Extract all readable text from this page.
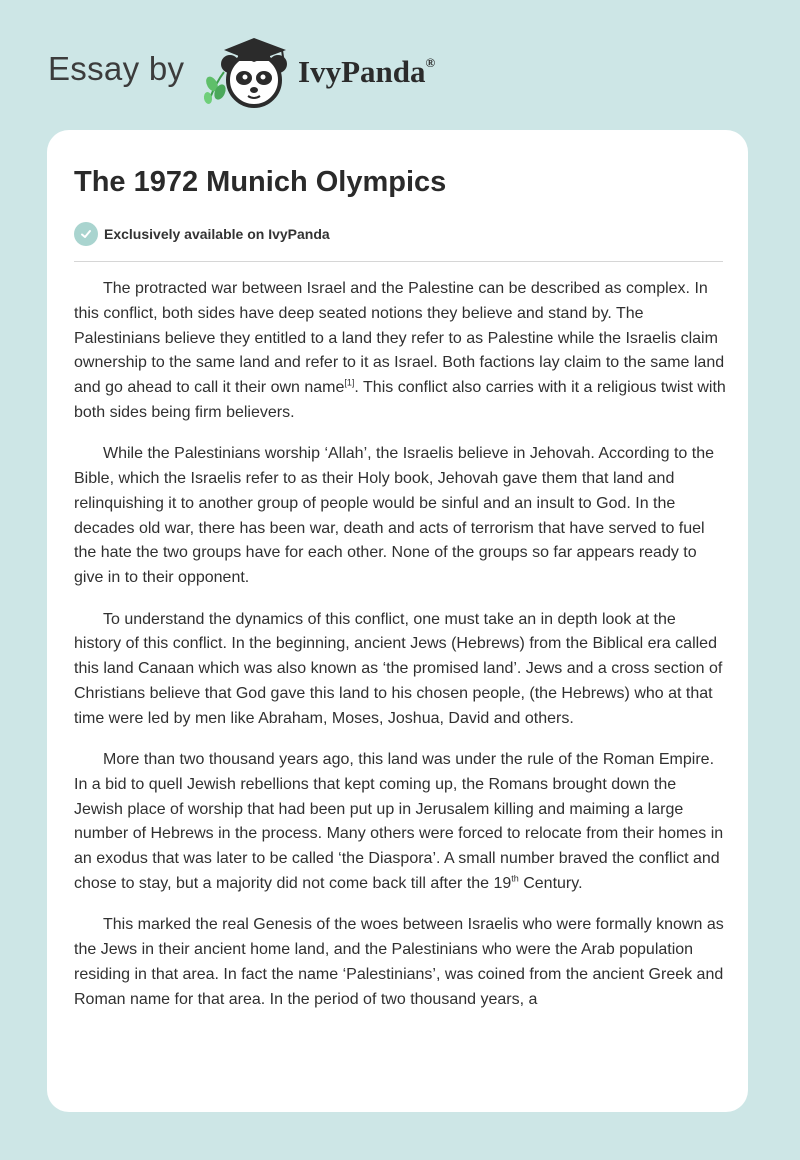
Essay by	IvyPanda®
The 1972 Munich Olympics
Exclusively available on IvyPanda

The protracted war between Israel and the Palestine can be described as complex. In this conflict, both sides have deep seated notions they believe and stand by. The Palestinians believe they entitled to a land they refer to as Palestine while the Israelis claim ownership to the same land and refer to it as Israel. Both factions lay claim to the same land and go ahead to call it their own name[1]. This conflict also carries with it a religious twist with both sides being firm believers.

While the Palestinians worship ‘Allah’, the Israelis believe in Jehovah. According to the Bible, which the Israelis refer to as their Holy book, Jehovah gave them that land and relinquishing it to another group of people would be sinful and an insult to God. In the decades old war, there has been war, death and acts of terrorism that have served to fuel the hate the two groups have for each other. None of the groups so far appears ready to give in to their opponent.

To understand the dynamics of this conflict, one must take an in depth look at the history of this conflict. In the beginning, ancient Jews (Hebrews) from the Biblical era called this land Canaan which was also known as ‘the promised land’. Jews and a cross section of Christians believe that God gave this land to his chosen people, (the Hebrews) who at that time were led by men like Abraham, Moses, Joshua, David and others.

More than two thousand years ago, this land was under the rule of the Roman Empire. In a bid to quell Jewish rebellions that kept coming up, the Romans brought down the Jewish place of worship that had been put up in Jerusalem killing and maiming a large number of Hebrews in the process. Many others were forced to relocate from their homes in an exodus that was later to be called ‘the Diaspora’. A small number braved the conflict and chose to stay, but a majority did not come back till after the 19th Century.

This marked the real Genesis of the woes between Israelis who were formally known as the Jews in their ancient home land, and the Palestinians who were the Arab population residing in that area. In fact the name ‘Palestinians’, was coined from the ancient Greek and Roman name for that area. In the period of two thousand years, a
